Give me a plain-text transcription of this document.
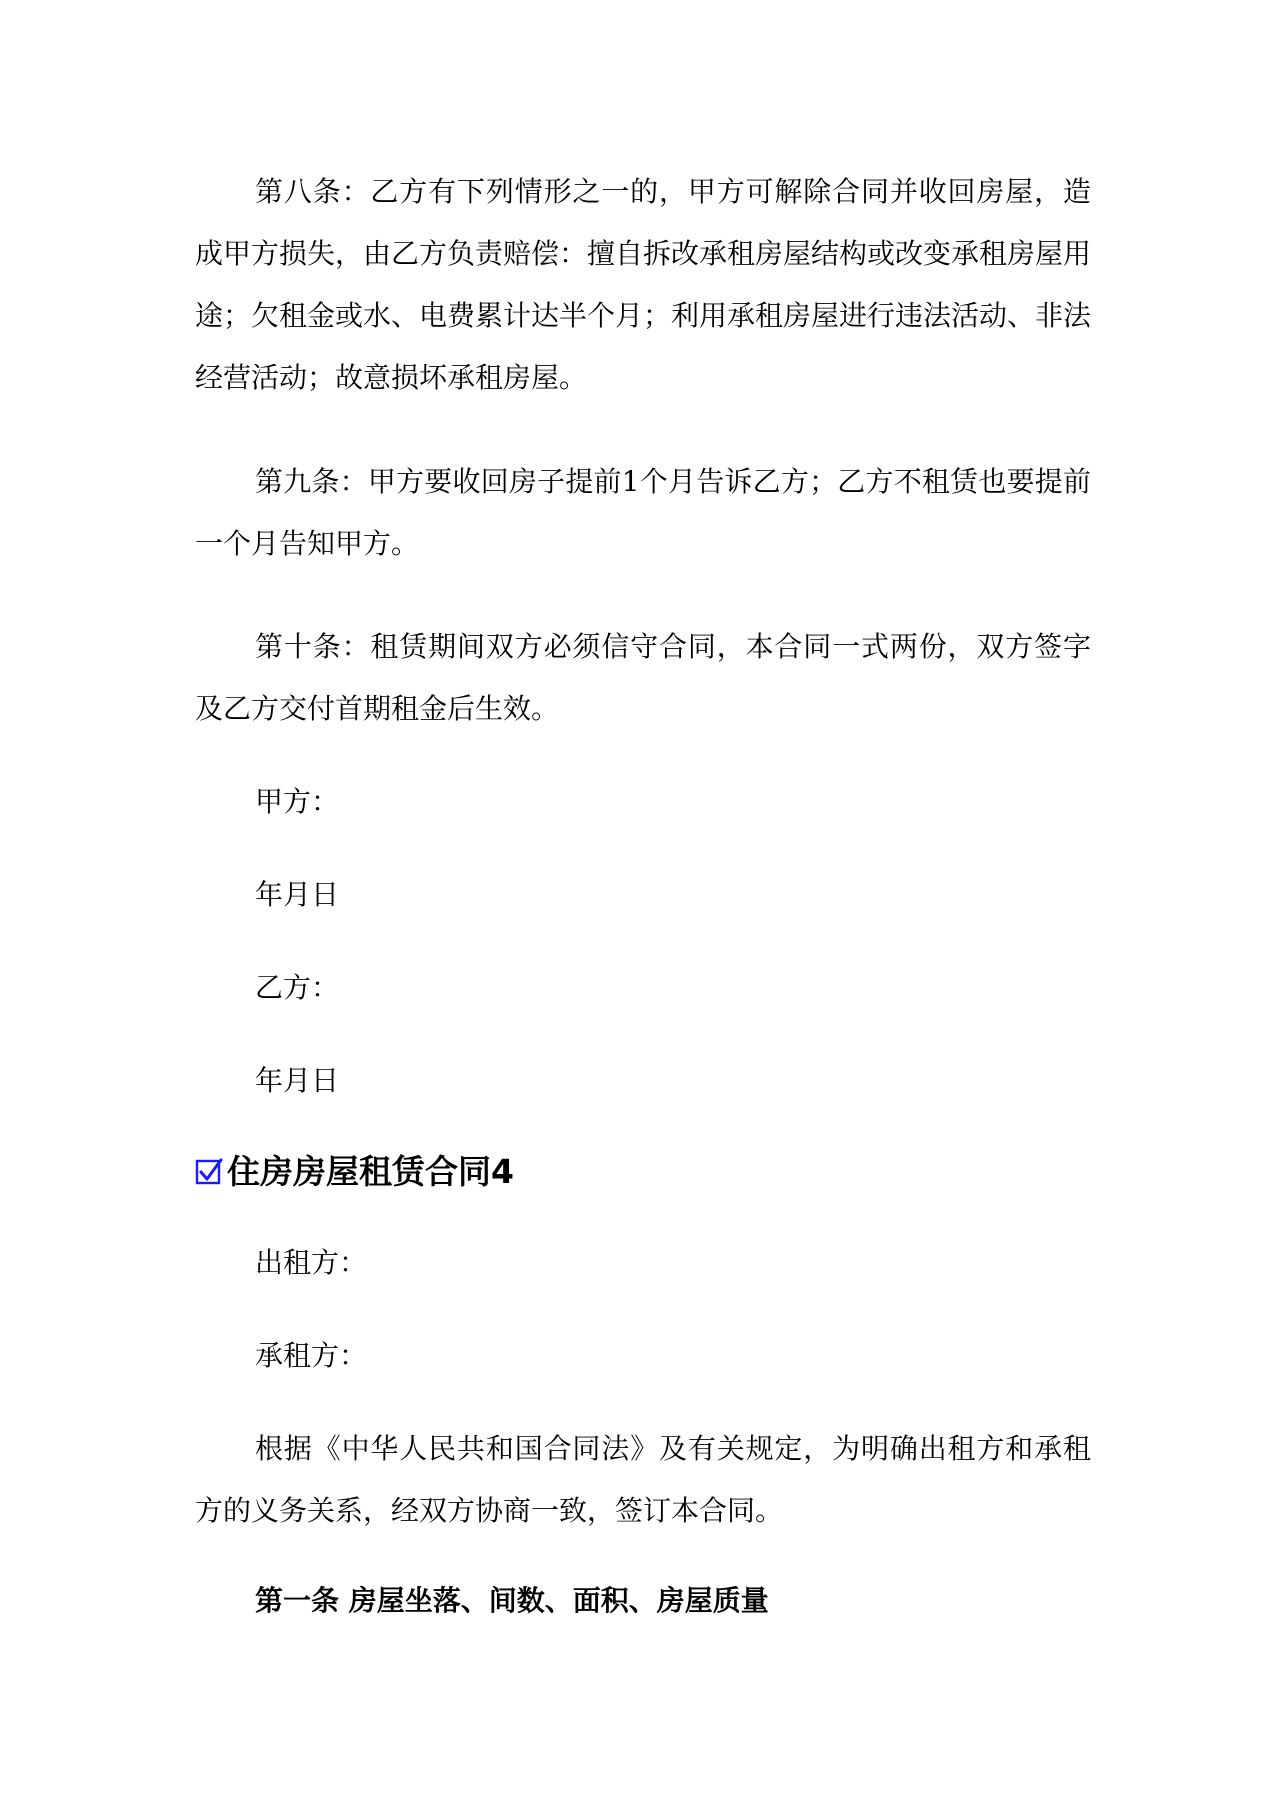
第八条：乙方有下列情形之一的，甲方可解除合同并收回房屋，造成甲方损失，由乙方负责赔偿：擅自拆改承租房屋结构或改变承租房屋用途；欠租金或水、电费累计达半个月；利用承租房屋进行违法活动、非法经营活动；故意损坏承租房屋。

第九条：甲方要收回房子提前1个月告诉乙方；乙方不租赁也要提前一个月告知甲方。

第十条：租赁期间双方必须信守合同，本合同一式两份，双方签字及乙方交付首期租金后生效。

甲方：

年月日

乙方：

年月日

住房房屋租赁合同4

出租方：

承租方：

根据《中华人民共和国合同法》及有关规定，为明确出租方和承租方的义务关系，经双方协商一致，签订本合同。

第一条 房屋坐落、间数、面积、房屋质量
